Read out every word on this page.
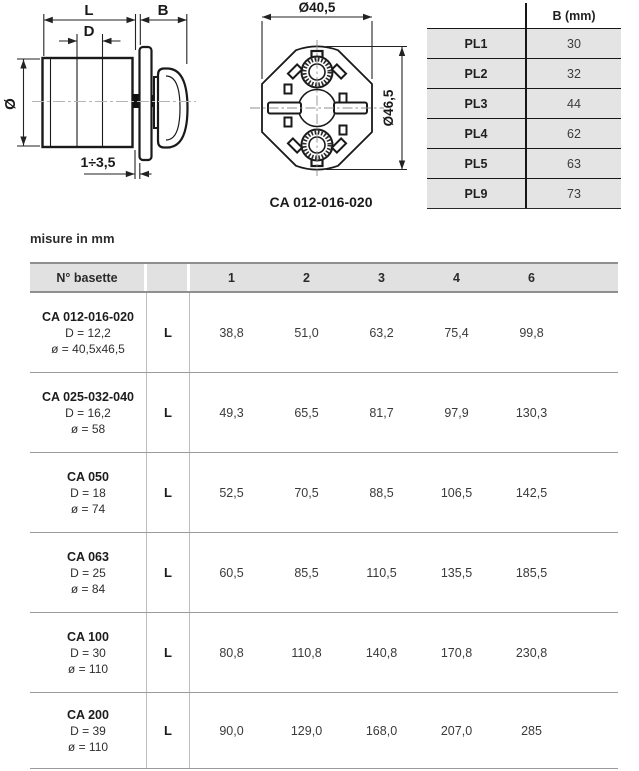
L	B
D
Ø
1÷3,5
Ø40,5
Ø46,5
CA 012-016-020
B (mm)
PL1	30
PL2	32
PL3	44
PL4	62
PL5	63
PL9	73
misure in mm
N° basette	1	2	3	4	6
CA 012-016-020
D = 12,2
ø = 40,5x46,5
L	38,8	51,0	63,2	75,4	99,8
CA 025-032-040
D = 16,2
ø = 58
L	49,3	65,5	81,7	97,9	130,3
CA 050
D = 18
ø = 74
L	52,5	70,5	88,5	106,5	142,5
CA 063
D = 25
ø = 84
L	60,5	85,5	110,5	135,5	185,5
CA 100
D = 30
ø = 110
L	80,8	110,8	140,8	170,8	230,8
CA 200
D = 39
ø = 110
L	90,0	129,0	168,0	207,0	285
